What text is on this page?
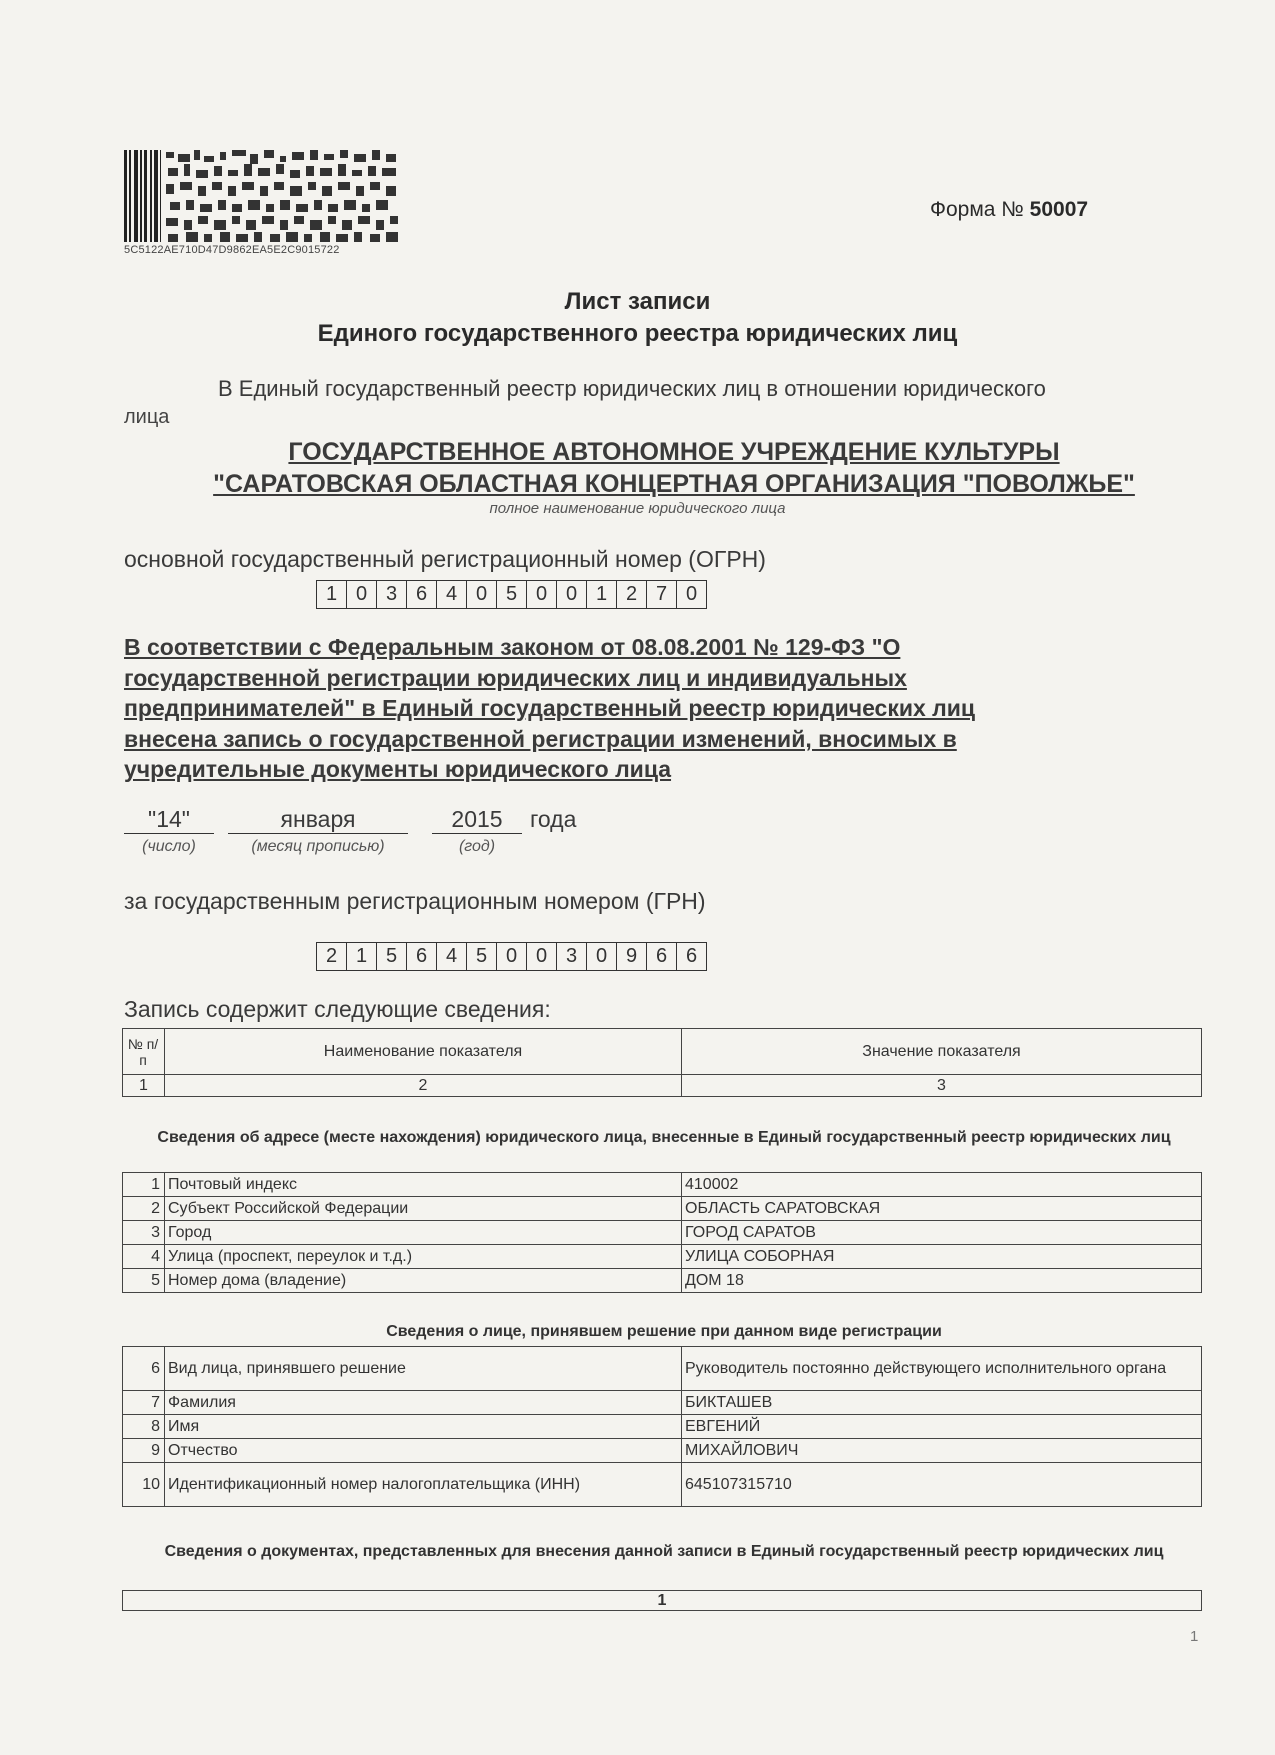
5C5122AE710D47D9862EA5E2C9015722
Форма № 50007
Лист записи
Единого государственного реестра юридических лиц
В Единый государственный реестр юридических лиц в отношении юридического
лица
ГОСУДАРСТВЕННОЕ АВТОНОМНОЕ УЧРЕЖДЕНИЕ КУЛЬТУРЫ
"САРАТОВСКАЯ ОБЛАСТНАЯ КОНЦЕРТНАЯ ОРГАНИЗАЦИЯ "ПОВОЛЖЬЕ"
полное наименование юридического лица
основной государственный регистрационный номер (ОГРН)
1 0 3 6 4 0 5 0 0 1 2 7 0
В соответствии с Федеральным законом от 08.08.2001 № 129-ФЗ "О
государственной регистрации юридических лиц и индивидуальных
предпринимателей" в Единый государственный реестр юридических лиц
внесена запись о государственной регистрации изменений, вносимых в
учредительные документы юридического лица
"14"	января	2015	года
(число)	(месяц прописью)	(год)
за государственным регистрационным номером (ГРН)
2 1 5 6 4 5 0 0 3 0 9 6 6
Запись содержит следующие сведения:
№ п/п	Наименование показателя	Значение показателя
1	2	3
Сведения об адресе (месте нахождения) юридического лица, внесенные в Единый государственный реестр юридических лиц
1	Почтовый индекс	410002
2	Субъект Российской Федерации	ОБЛАСТЬ САРАТОВСКАЯ
3	Город	ГОРОД САРАТОВ
4	Улица (проспект, переулок и т.д.)	УЛИЦА СОБОРНАЯ
5	Номер дома (владение)	ДОМ 18
Сведения о лице, принявшем решение при данном виде регистрации
6	Вид лица, принявшего решение	Руководитель постоянно действующего исполнительного органа
7	Фамилия	БИКТАШЕВ
8	Имя	ЕВГЕНИЙ
9	Отчество	МИХАЙЛОВИЧ
10	Идентификационный номер налогоплательщика (ИНН)	645107315710
Сведения о документах, представленных для внесения данной записи в Единый государственный реестр юридических лиц
1
1
